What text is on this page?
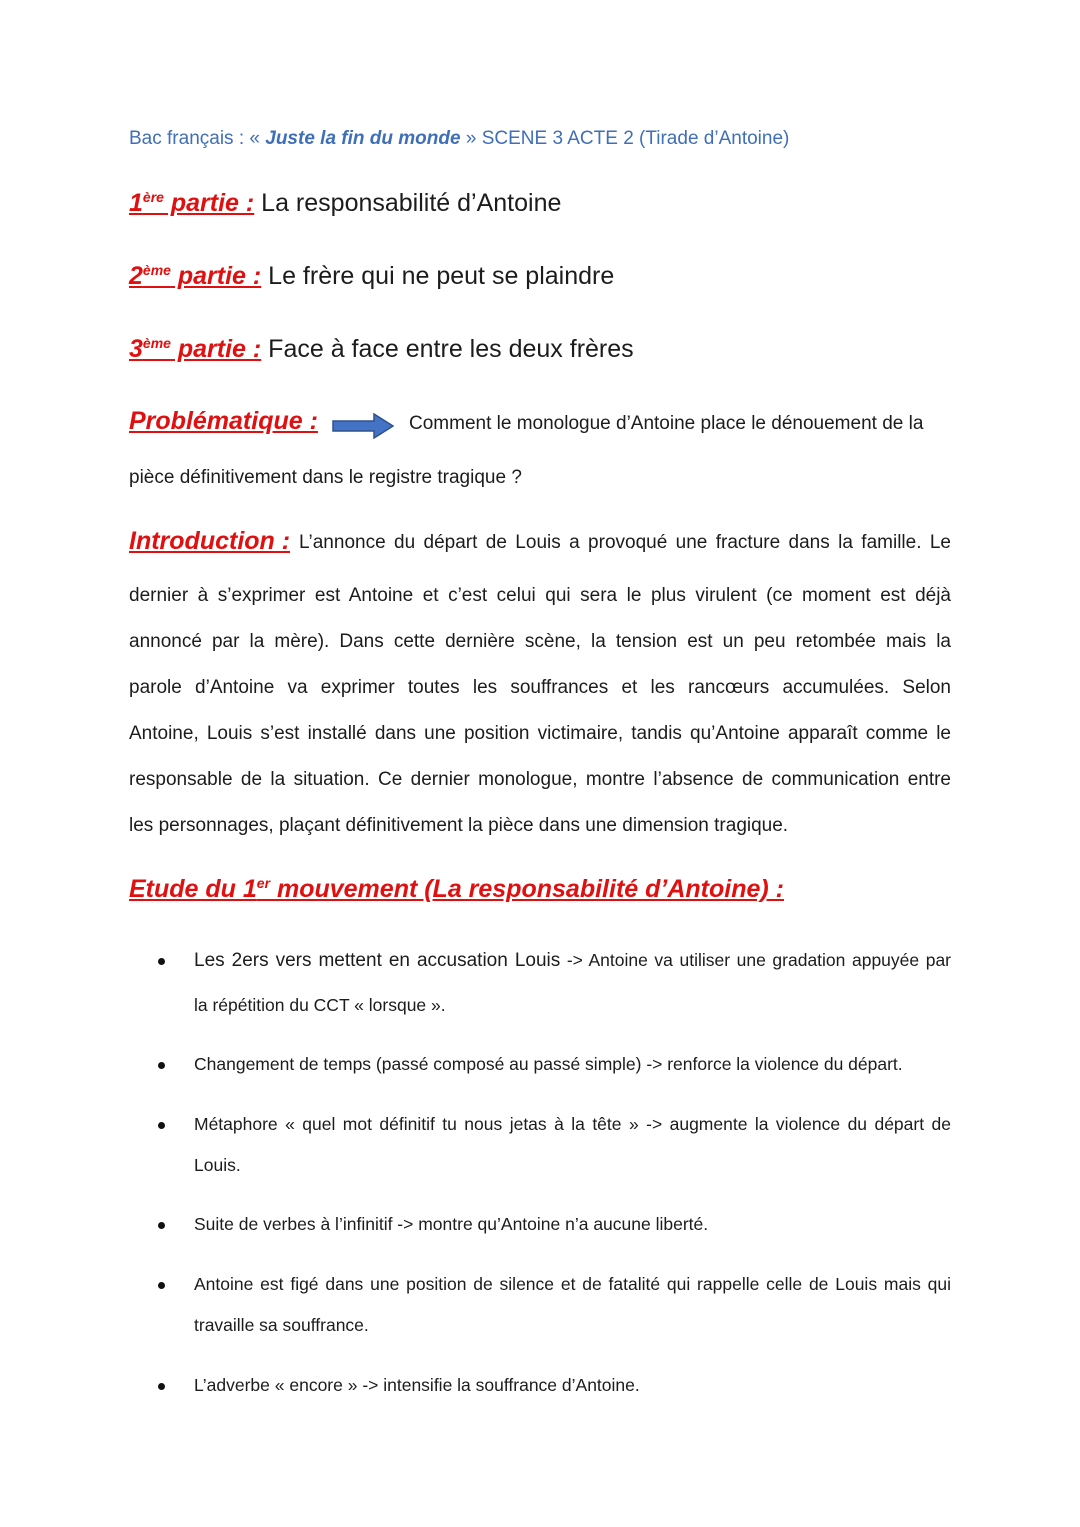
Bac français : « Juste la fin du monde » SCENE 3 ACTE 2 (Tirade d’Antoine)
1ère partie : La responsabilité d’Antoine
2ème partie : Le frère qui ne peut se plaindre
3ème partie : Face à face entre les deux frères
Problématique :	Comment le monologue d’Antoine place le dénouement de la
pièce définitivement dans le registre tragique ?
Introduction : L’annonce du départ de Louis a provoqué une fracture dans la famille. Le
dernier à s’exprimer est Antoine et c’est celui qui sera le plus virulent (ce moment est déjà
annoncé par la mère). Dans cette dernière scène, la tension est un peu retombée mais la
parole d’Antoine va exprimer toutes les souffrances et les rancœurs accumulées. Selon
Antoine, Louis s’est installé dans une position victimaire, tandis qu’Antoine apparaît comme le
responsable de la situation. Ce dernier monologue, montre l’absence de communication entre
les personnages, plaçant définitivement la pièce dans une dimension tragique.
Etude du 1er mouvement (La responsabilité d’Antoine) :
Les 2ers vers mettent en accusation Louis -> Antoine va utiliser une gradation appuyée par
la répétition du CCT « lorsque ».
Changement de temps (passé composé au passé simple) -> renforce la violence du départ.
Métaphore « quel mot définitif tu nous jetas à la tête » -> augmente la violence du départ de
Louis.
Suite de verbes à l’infinitif -> montre qu’Antoine n’a aucune liberté.
Antoine est figé dans une position de silence et de fatalité qui rappelle celle de Louis mais qui
travaille sa souffrance.
L’adverbe « encore » -> intensifie la souffrance d’Antoine.
